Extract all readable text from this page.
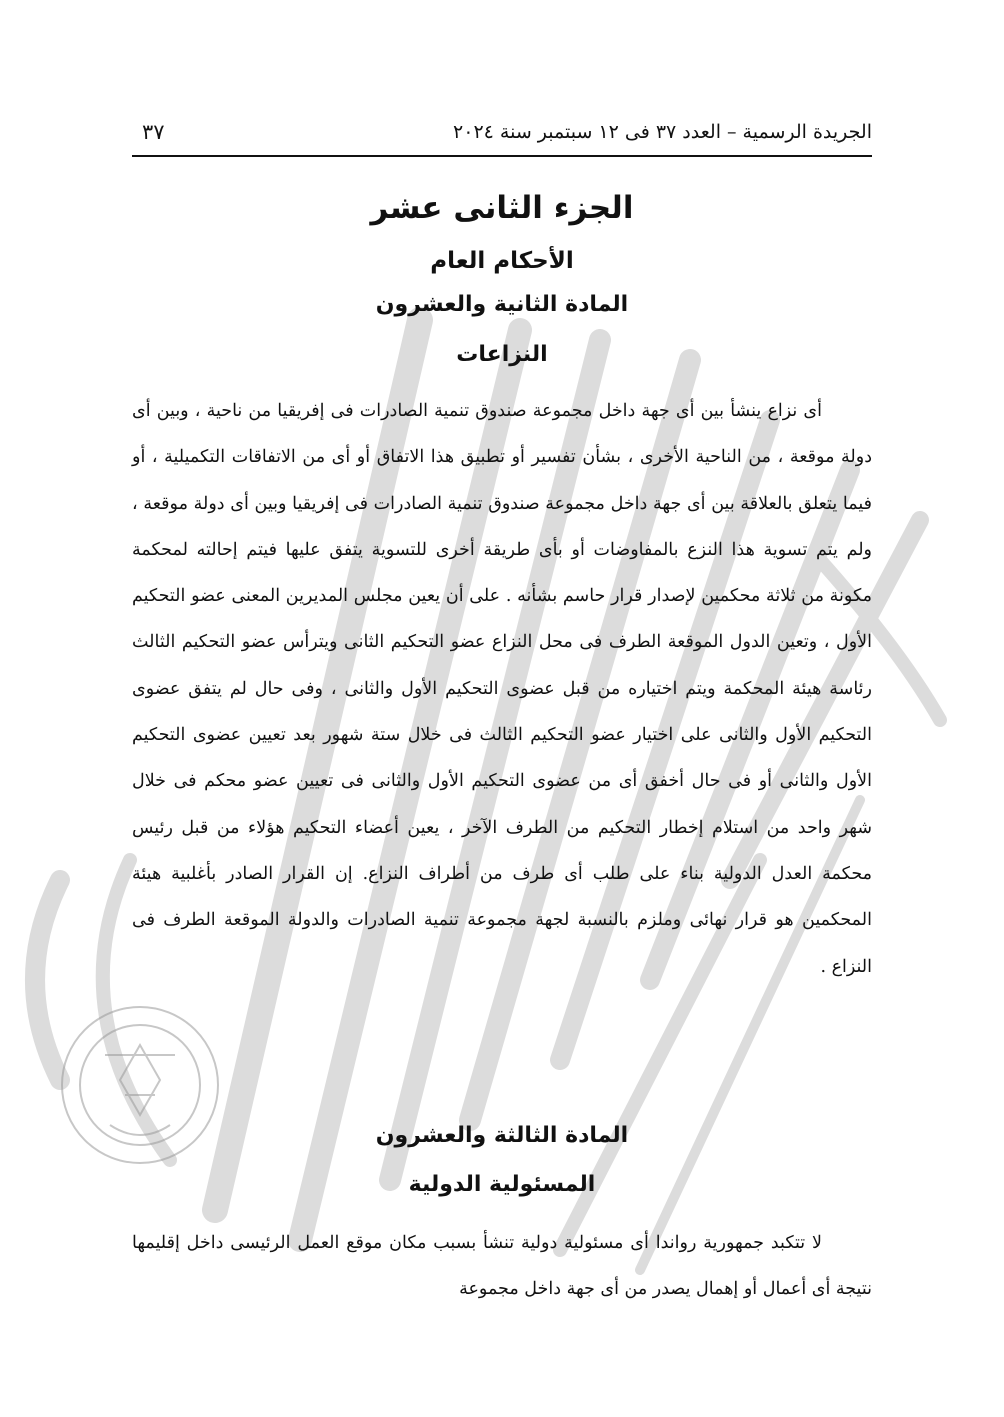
الجريدة الرسمية – العدد ٣٧ فى ١٢ سبتمبر سنة ٢٠٢٤
٣٧
الجزء الثانى عشر
الأحكام العام
المادة الثانية والعشرون
النزاعات
أى نزاع ينشأ بين أى جهة داخل مجموعة صندوق تنمية الصادرات فى إفريقيا من ناحية ، وبين أى دولة موقعة ، من الناحية الأخرى ، بشأن تفسير أو تطبيق هذا الاتفاق أو أى من الاتفاقات التكميلية ، أو فيما يتعلق بالعلاقة بين أى جهة داخل مجموعة صندوق تنمية الصادرات فى إفريقيا وبين أى دولة موقعة ، ولم يتم تسوية هذا النزع بالمفاوضات أو بأى طريقة أخرى للتسوية يتفق عليها فيتم إحالته لمحكمة مكونة من ثلاثة محكمين لإصدار قرار حاسم بشأنه . على أن يعين مجلس المديرين المعنى عضو التحكيم الأول ، وتعين الدول الموقعة الطرف فى محل النزاع عضو التحكيم الثانى ويترأس عضو التحكيم الثالث رئاسة هيئة المحكمة ويتم اختياره من قبل عضوى التحكيم الأول والثانى ، وفى حال لم يتفق عضوى التحكيم الأول والثانى على اختيار عضو التحكيم الثالث فى خلال ستة شهور بعد تعيين عضوى التحكيم الأول والثانى أو فى حال أخفق أى من عضوى التحكيم الأول والثانى فى تعيين عضو محكم فى خلال شهر واحد من استلام إخطار التحكيم من الطرف الآخر ، يعين أعضاء التحكيم هؤلاء من قبل رئيس محكمة العدل الدولية بناء على طلب أى طرف من أطراف النزاع. إن القرار الصادر بأغلبية هيئة المحكمين هو قرار نهائى وملزم بالنسبة لجهة مجموعة تنمية الصادرات والدولة الموقعة الطرف فى النزاع .
المادة الثالثة والعشرون
المسئولية الدولية
لا تتكبد جمهورية رواندا أى مسئولية دولية تنشأ بسبب مكان موقع العمل الرئيسى داخل إقليمها نتيجة أى أعمال أو إهمال يصدر من أى جهة داخل مجموعة
